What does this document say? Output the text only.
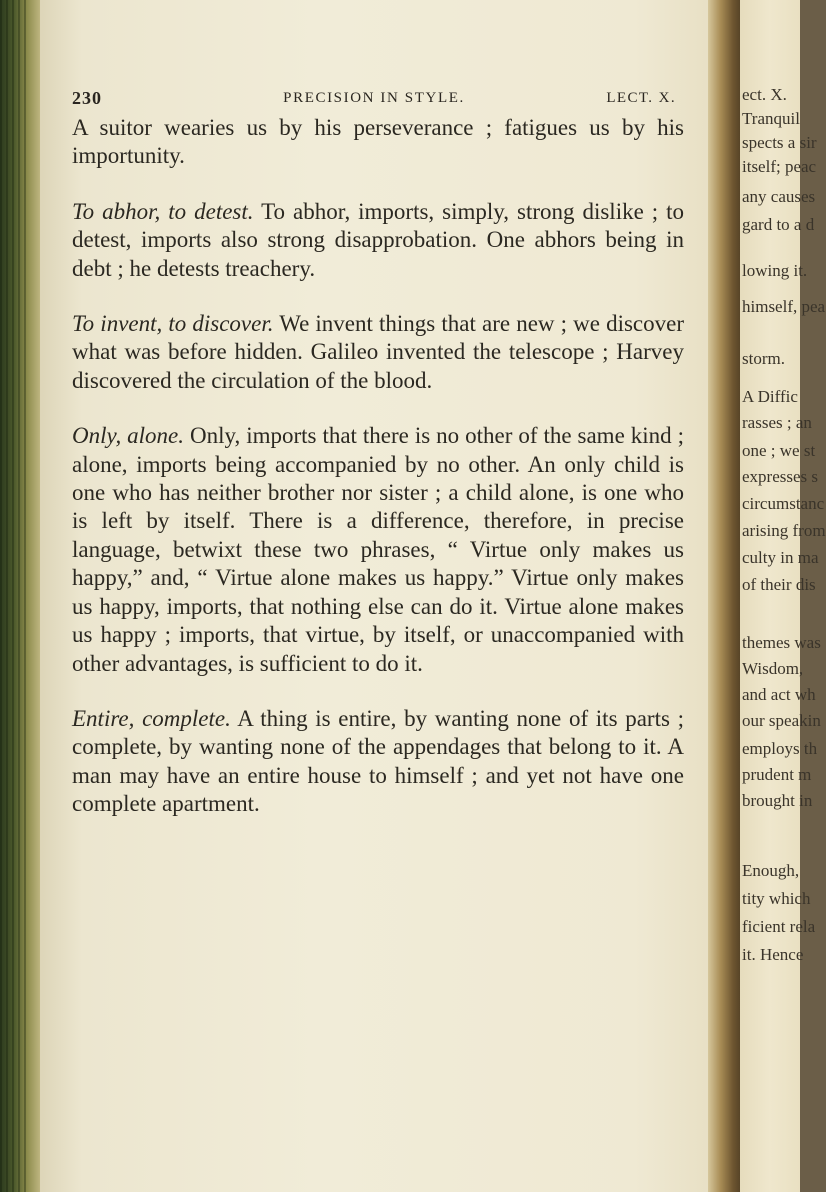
ect. X.
Tranquil
spects a sir
itself; peac
any causes
gard to a d
lowing it.
himself, pea
storm.
A Diffic
rasses ; an
one ; we st
expresses s
circumstanc
arising from
culty in ma
of their dis
themes was
Wisdom,
and act wh
our speakin
employs th
prudent m
brought in
Enough,
tity which
ficient rela
it. Hence
230	PRECISION IN STYLE.	LECT. X.

A suitor wearies us by his perseverance ; fatigues us by his importunity.

To abhor, to detest. To abhor, imports, simply, strong dislike ; to detest, imports also strong disapprobation. One abhors being in debt ; he detests treachery.

To invent, to discover. We invent things that are new ; we discover what was before hidden. Galileo invented the telescope ; Harvey discovered the circulation of the blood.

Only, alone. Only, imports that there is no other of the same kind ; alone, imports being accompanied by no other. An only child is one who has neither brother nor sister ; a child alone, is one who is left by itself. There is a difference, therefore, in precise language, betwixt these two phrases, “ Virtue only makes us happy,” and, “ Virtue alone makes us happy.” Virtue only makes us happy, imports, that nothing else can do it. Virtue alone makes us happy ; imports, that virtue, by itself, or unaccompanied with other advantages, is sufficient to do it.

Entire, complete. A thing is entire, by wanting none of its parts ; complete, by wanting none of the appendages that belong to it. A man may have an entire house to himself ; and yet not have one complete apartment.
